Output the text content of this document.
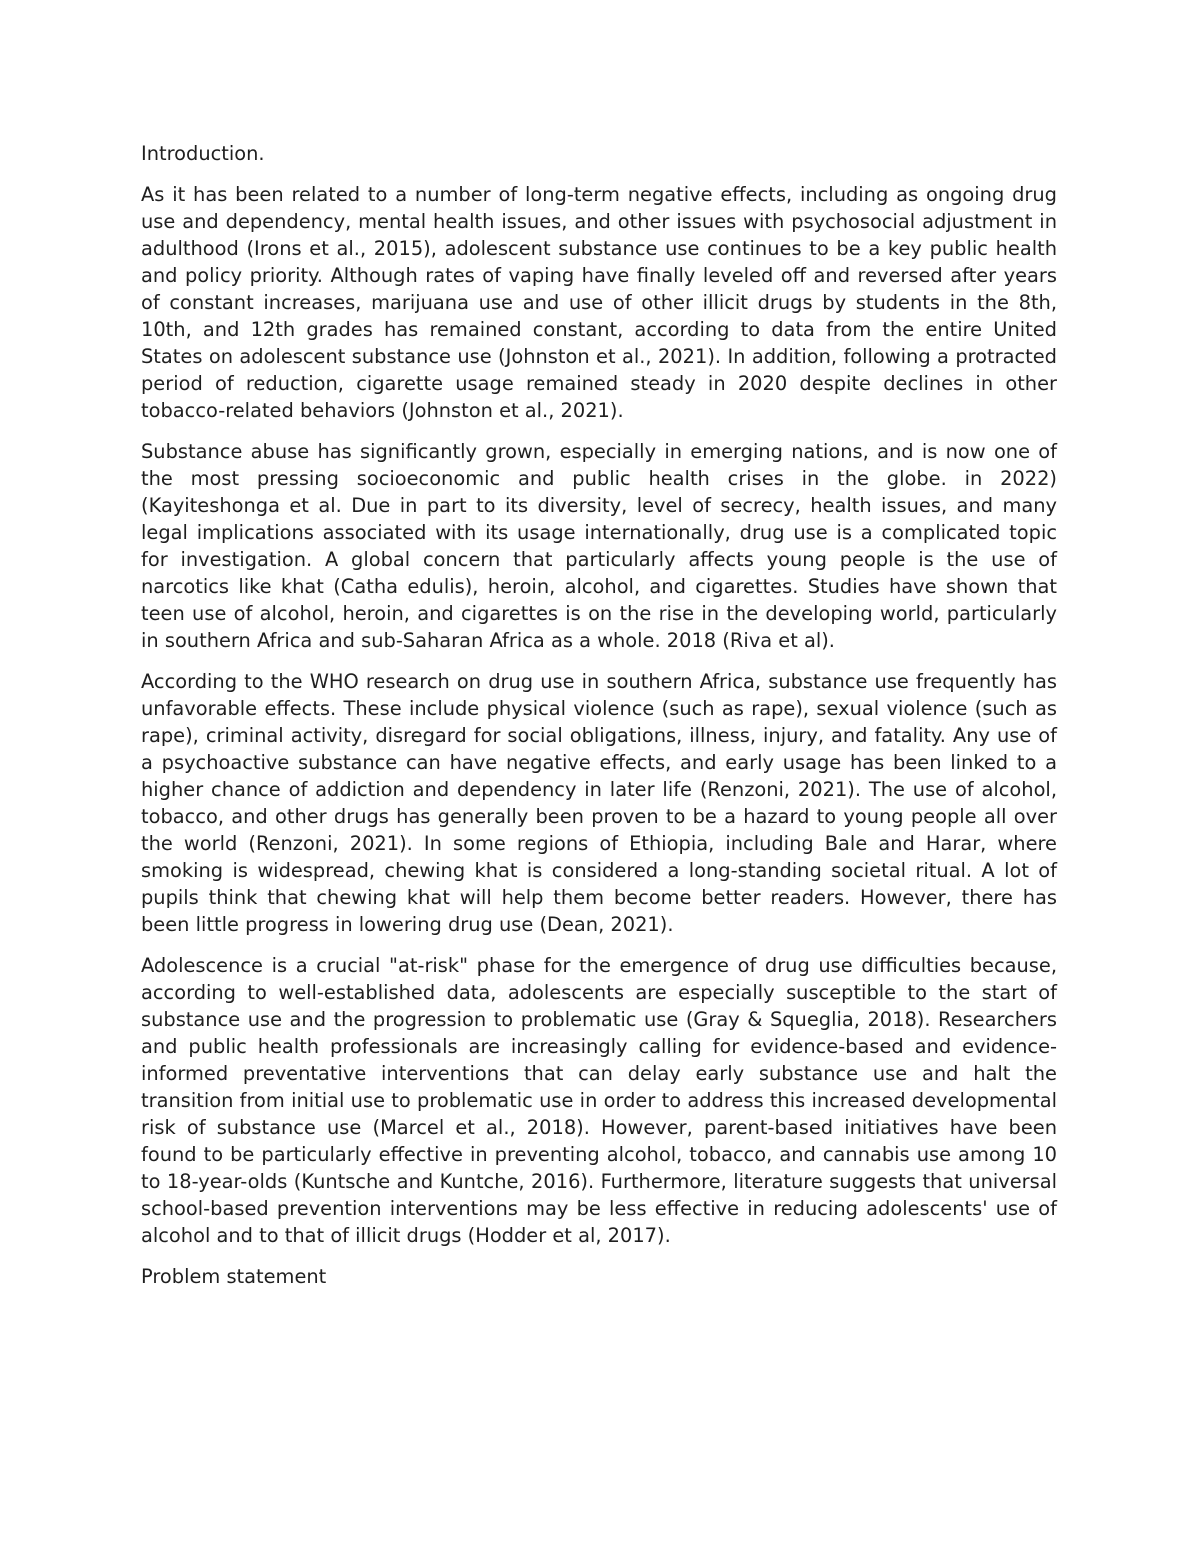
Introduction.

As it has been related to a number of long-term negative effects, including as ongoing drug use and dependency, mental health issues, and other issues with psychosocial adjustment in adulthood (Irons et al., 2015), adolescent substance use continues to be a key public health and policy priority. Although rates of vaping have finally leveled off and reversed after years of constant increases, marijuana use and use of other illicit drugs by students in the 8th, 10th, and 12th grades has remained constant, according to data from the entire United States on adolescent substance use (Johnston et al., 2021). In addition, following a protracted period of reduction, cigarette usage remained steady in 2020 despite declines in other tobacco-related behaviors (Johnston et al., 2021).

Substance abuse has significantly grown, especially in emerging nations, and is now one of the most pressing socioeconomic and public health crises in the globe. in 2022) (Kayiteshonga et al. Due in part to its diversity, level of secrecy, health issues, and many legal implications associated with its usage internationally, drug use is a complicated topic for investigation. A global concern that particularly affects young people is the use of narcotics like khat (Catha edulis), heroin, alcohol, and cigarettes. Studies have shown that teen use of alcohol, heroin, and cigarettes is on the rise in the developing world, particularly in southern Africa and sub-Saharan Africa as a whole. 2018 (Riva et al).

According to the WHO research on drug use in southern Africa, substance use frequently has unfavorable effects. These include physical violence (such as rape), sexual violence (such as rape), criminal activity, disregard for social obligations, illness, injury, and fatality. Any use of a psychoactive substance can have negative effects, and early usage has been linked to a higher chance of addiction and dependency in later life (Renzoni, 2021). The use of alcohol, tobacco, and other drugs has generally been proven to be a hazard to young people all over the world (Renzoni, 2021). In some regions of Ethiopia, including Bale and Harar, where smoking is widespread, chewing khat is considered a long-standing societal ritual. A lot of pupils think that chewing khat will help them become better readers. However, there has been little progress in lowering drug use (Dean, 2021).

Adolescence is a crucial "at-risk" phase for the emergence of drug use difficulties because, according to well-established data, adolescents are especially susceptible to the start of substance use and the progression to problematic use (Gray & Squeglia, 2018). Researchers and public health professionals are increasingly calling for evidence-based and evidence-informed preventative interventions that can delay early substance use and halt the transition from initial use to problematic use in order to address this increased developmental risk of substance use (Marcel et al., 2018). However, parent-based initiatives have been found to be particularly effective in preventing alcohol, tobacco, and cannabis use among 10 to 18-year-olds (Kuntsche and Kuntche, 2016). Furthermore, literature suggests that universal school-based prevention interventions may be less effective in reducing adolescents' use of alcohol and to that of illicit drugs (Hodder et al, 2017).

Problem statement
